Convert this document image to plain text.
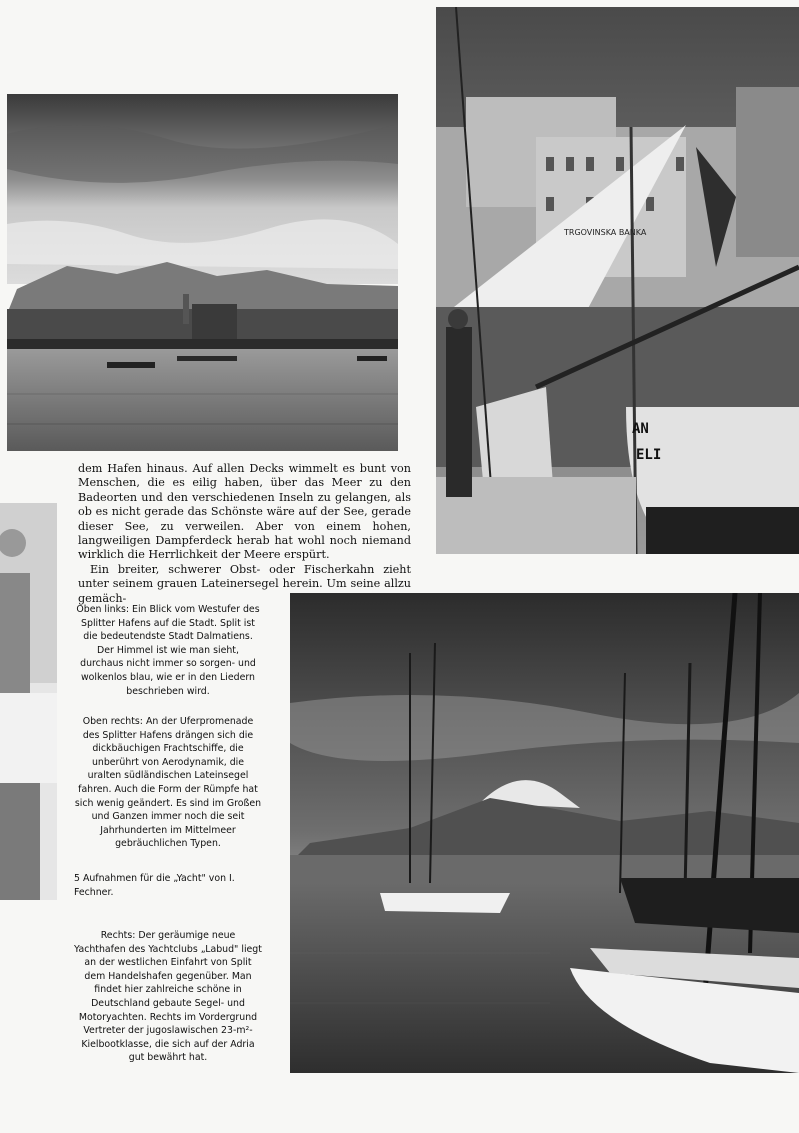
TRGOVINSKA BANKA
AN
ELI

dem Hafen hinaus. Auf allen Decks wimmelt es bunt von Menschen, die es eilig haben, über das Meer zu den Badeorten und den verschiedenen Inseln zu gelangen, als ob es nicht gerade das Schönste wäre auf der See, gerade dieser See, zu verweilen. Aber von einem hohen, langweiligen Dampferdeck herab hat wohl noch niemand wirklich die Herrlichkeit der Meere erspürt.

Ein breiter, schwerer Obst- oder Fischerkahn zieht unter seinem grauen Lateinersegel herein. Um seine allzu gemäch-

Oben links: Ein Blick vom Westufer des Splitter Hafens auf die Stadt. Split ist die bedeutendste Stadt Dalmatiens. Der Himmel ist wie man sieht, durchaus nicht immer so sorgen- und wolkenlos blau, wie er in den Liedern beschrieben wird.
Oben rechts: An der Uferpromenade des Splitter Hafens drängen sich die dickbäuchigen Frachtschiffe, die unberührt von Aerodynamik, die uralten südländischen Lateinsegel fahren. Auch die Form der Rümpfe hat sich wenig geändert. Es sind im Großen und Ganzen immer noch die seit Jahrhunderten im Mittelmeer gebräuchlichen Typen.
5 Aufnahmen für die „Yacht" von I. Fechner.
Rechts: Der geräumige neue Yachthafen des Yachtclubs „Labud" liegt an der westlichen Einfahrt von Split dem Handelshafen gegenüber. Man findet hier zahlreiche schöne in Deutschland gebaute Segel- und Motoryachten. Rechts im Vordergrund Vertreter der jugoslawischen 23-m²-Kielbootklasse, die sich auf der Adria gut bewährt hat.
